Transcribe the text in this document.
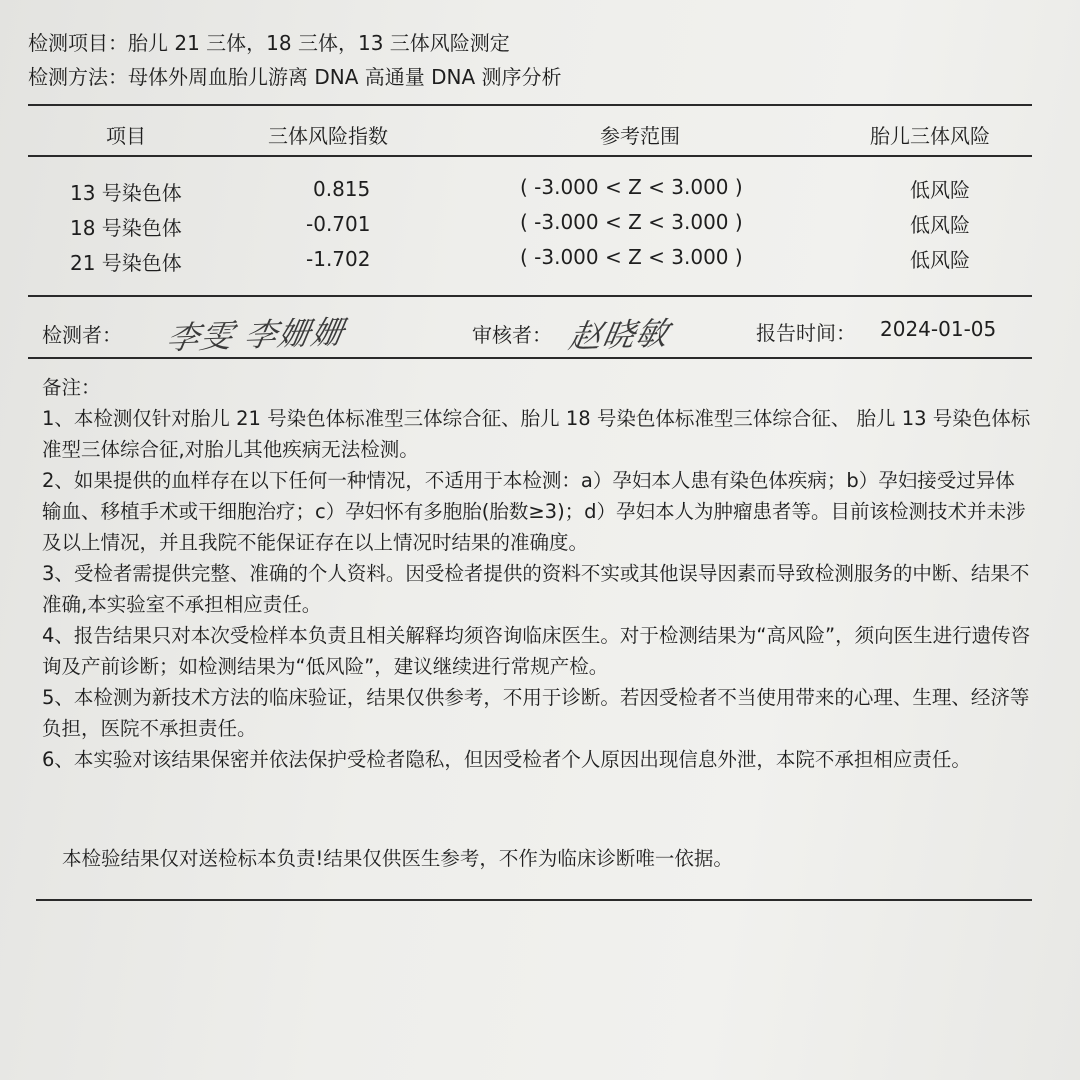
检测项目：胎儿 21 三体，18 三体，13 三体风险测定
检测方法：母体外周血胎儿游离 DNA 高通量 DNA 测序分析
项目	三体风险指数	参考范围	胎儿三体风险
13 号染色体	0.815	( -3.000 < Z < 3.000 )	低风险
18 号染色体	-0.701	( -3.000 < Z < 3.000 )	低风险
21 号染色体	-1.702	( -3.000 < Z < 3.000 )	低风险
检测者： 李雯 李姗姗	审核者： 赵晓敏	报告时间： 2024-01-05

备注：

1、本检测仅针对胎儿 21 号染色体标准型三体综合征、胎儿 18 号染色体标准型三体综合征、 胎儿 13 号染色体标准型三体综合征,对胎儿其他疾病无法检测。

2、如果提供的血样存在以下任何一种情况，不适用于本检测：a）孕妇本人患有染色体疾病；b）孕妇接受过异体输血、移植手术或干细胞治疗；c）孕妇怀有多胞胎(胎数≥3)；d）孕妇本人为肿瘤患者等。目前该检测技术并未涉及以上情况，并且我院不能保证存在以上情况时结果的准确度。

3、受检者需提供完整、准确的个人资料。因受检者提供的资料不实或其他误导因素而导致检测服务的中断、结果不准确,本实验室不承担相应责任。

4、报告结果只对本次受检样本负责且相关解释均须咨询临床医生。对于检测结果为“高风险”，须向医生进行遗传咨询及产前诊断；如检测结果为“低风险”，建议继续进行常规产检。

5、本检测为新技术方法的临床验证，结果仅供参考，不用于诊断。若因受检者不当使用带来的心理、生理、经济等负担，医院不承担责任。

6、本实验对该结果保密并依法保护受检者隐私，但因受检者个人原因出现信息外泄，本院不承担相应责任。

本检验结果仅对送检标本负责!结果仅供医生参考，不作为临床诊断唯一依据。
